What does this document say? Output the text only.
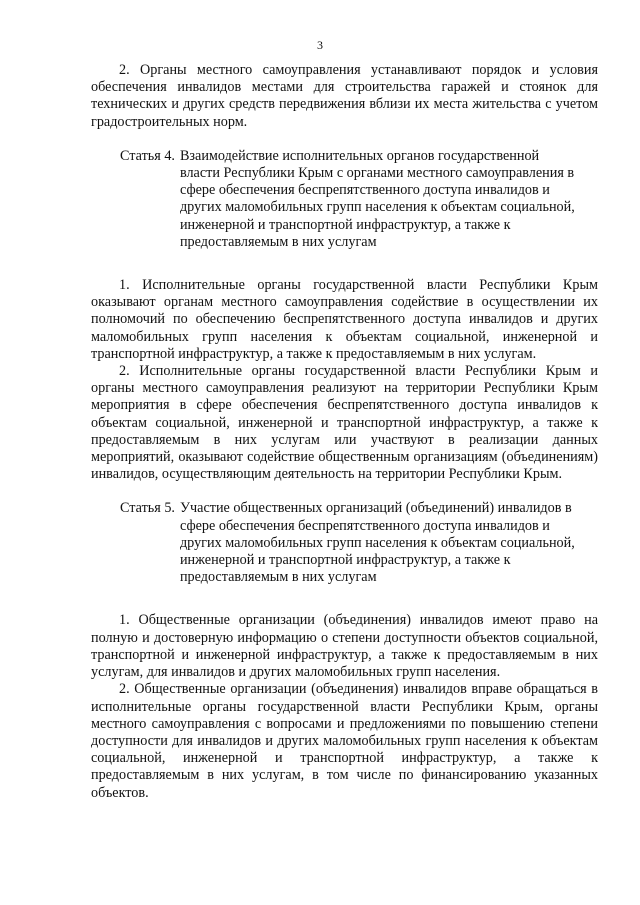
3

2. Органы местного самоуправления устанавливают порядок и условия обеспечения инвалидов местами для строительства гаражей и стоянок для технических и других средств передвижения вблизи их места жительства с учетом градостроительных норм.

Статья 4. Взаимодействие исполнительных органов государственной власти Республики Крым с органами местного самоуправления в сфере обеспечения беспрепятственного доступа инвалидов и других маломобильных групп населения к объектам социальной, инженерной и транспортной инфраструктур, а также к предоставляемым в них услугам

1. Исполнительные органы государственной власти Республики Крым оказывают органам местного самоуправления содействие в осуществлении их полномочий по обеспечению беспрепятственного доступа инвалидов и других маломобильных групп населения к объектам социальной, инженерной и транспортной инфраструктур, а также к предоставляемым в них услугам.

2. Исполнительные органы государственной власти Республики Крым и органы местного самоуправления реализуют на территории Республики Крым мероприятия в сфере обеспечения беспрепятственного доступа инвалидов к объектам социальной, инженерной и транспортной инфраструктур, а также к предоставляемым в них услугам или участвуют в реализации данных мероприятий, оказывают содействие общественным организациям (объединениям) инвалидов, осуществляющим деятельность на территории Республики Крым.

Статья 5. Участие общественных организаций (объединений) инвалидов в сфере обеспечения беспрепятственного доступа инвалидов и других маломобильных групп населения к объектам социальной, инженерной и транспортной инфраструктур, а также к предоставляемым в них услугам

1. Общественные организации (объединения) инвалидов имеют право на полную и достоверную информацию о степени доступности объектов социальной, транспортной и инженерной инфраструктур, а также к предоставляемым в них услугам, для инвалидов и других маломобильных групп населения.

2. Общественные организации (объединения) инвалидов вправе обращаться в исполнительные органы государственной власти Республики Крым, органы местного самоуправления с вопросами и предложениями по повышению степени доступности для инвалидов и других маломобильных групп населения к объектам социальной, инженерной и транспортной инфраструктур, а также к предоставляемым в них услугам, в том числе по финансированию указанных объектов.
